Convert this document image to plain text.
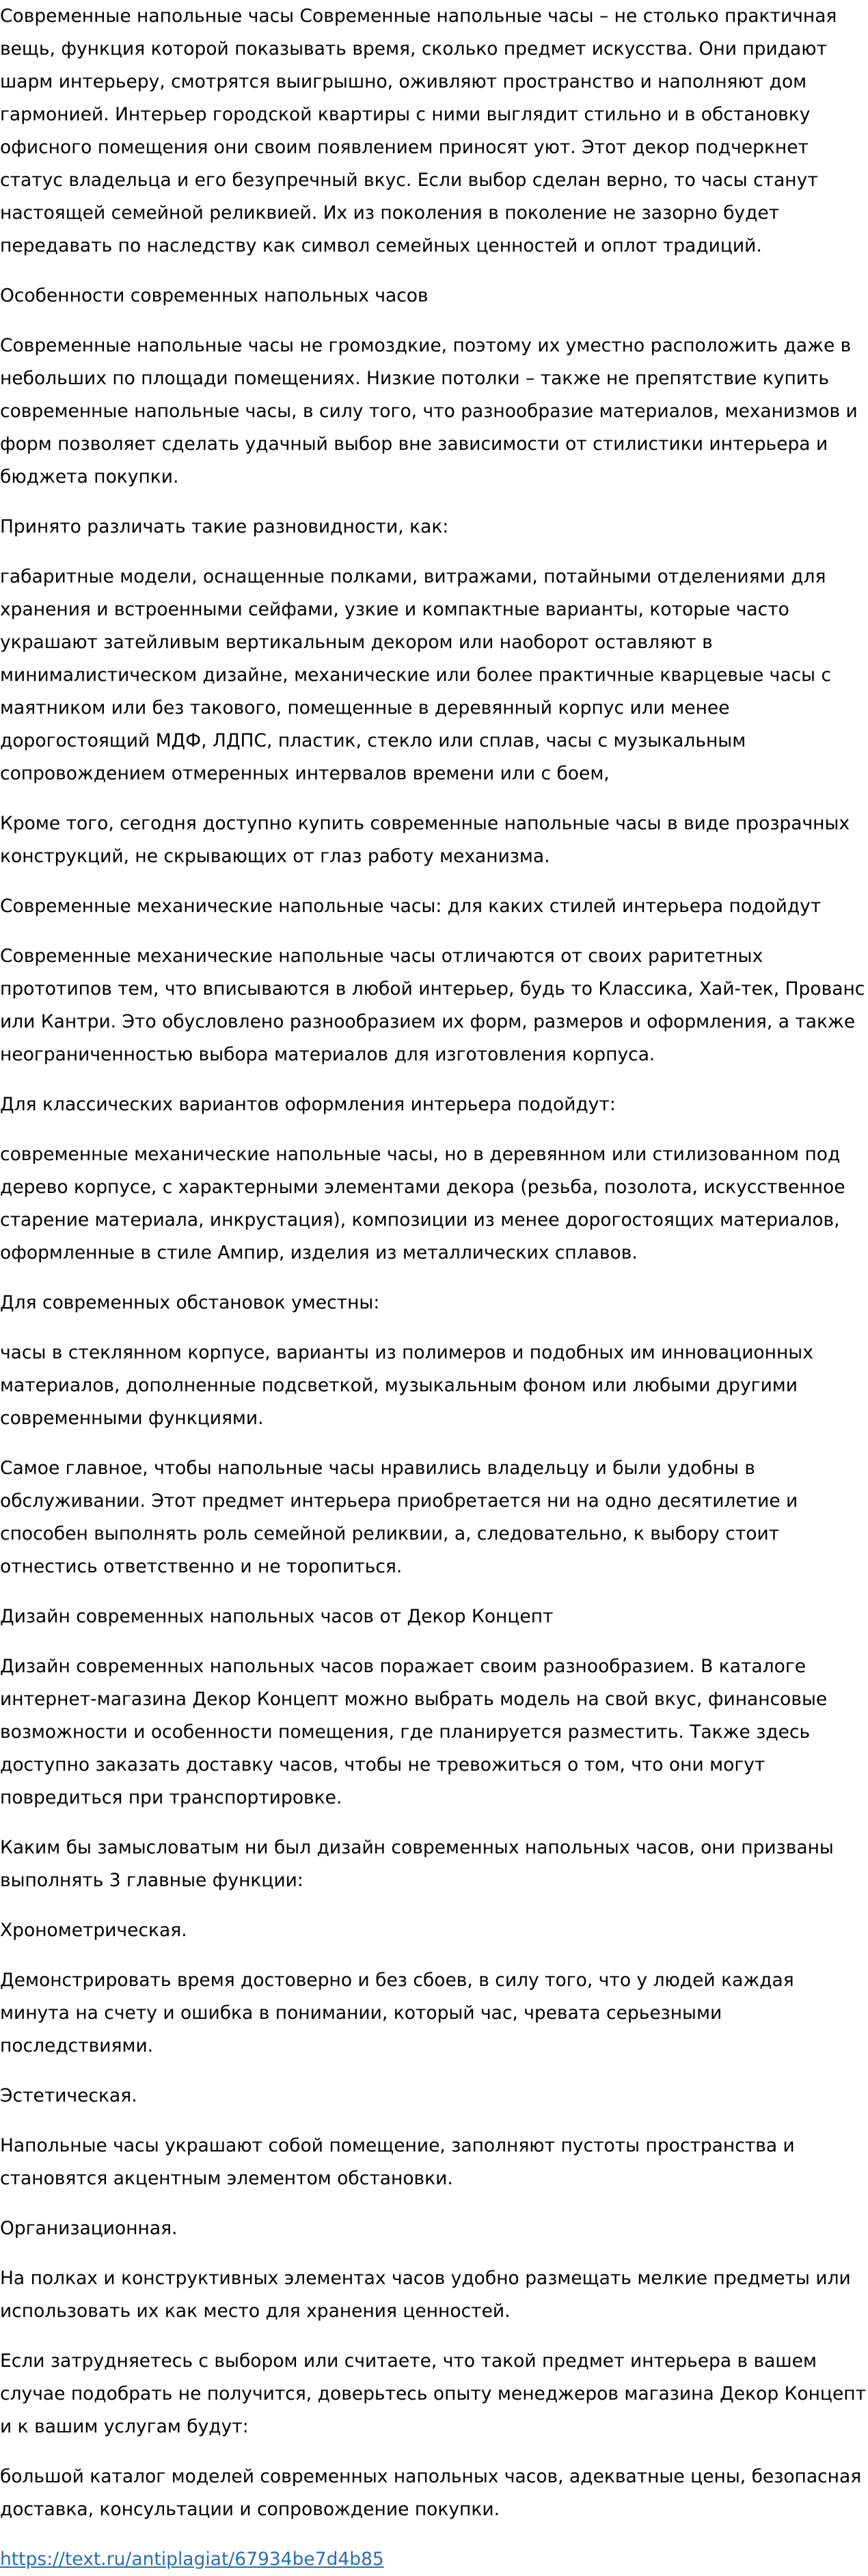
Современные напольные часы Современные напольные часы – не столько практичная вещь, функция которой показывать время, сколько предмет искусства. Они придают шарм интерьеру, смотрятся выигрышно, оживляют пространство и наполняют дом гармонией. Интерьер городской квартиры с ними выглядит стильно и в обстановку офисного помещения они своим появлением приносят уют. Этот декор подчеркнет статус владельца и его безупречный вкус. Если выбор сделан верно, то часы станут настоящей семейной реликвией. Их из поколения в поколение не зазорно будет передавать по наследству как символ семейных ценностей и оплот традиций.

Особенности современных напольных часов

Современные напольные часы не громоздкие, поэтому их уместно расположить даже в небольших по площади помещениях. Низкие потолки – также не препятствие купить современные напольные часы, в силу того, что разнообразие материалов, механизмов и форм позволяет сделать удачный выбор вне зависимости от стилистики интерьера и бюджета покупки.

Принято различать такие разновидности, как:

габаритные модели, оснащенные полками, витражами, потайными отделениями для хранения и встроенными сейфами, узкие и компактные варианты, которые часто украшают затейливым вертикальным декором или наоборот оставляют в минималистическом дизайне, механические или более практичные кварцевые часы с маятником или без такового, помещенные в деревянный корпус или менее дорогостоящий МДФ, ЛДПС, пластик, стекло или сплав, часы с музыкальным сопровождением отмеренных интервалов времени или с боем,

Кроме того, сегодня доступно купить современные напольные часы в виде прозрачных конструкций, не скрывающих от глаз работу механизма.

Современные механические напольные часы: для каких стилей интерьера подойдут

Современные механические напольные часы отличаются от своих раритетных прототипов тем, что вписываются в любой интерьер, будь то Классика, Хай-тек, Прованс или Кантри. Это обусловлено разнообразием их форм, размеров и оформления, а также неограниченностью выбора материалов для изготовления корпуса.

Для классических вариантов оформления интерьера подойдут:

современные механические напольные часы, но в деревянном или стилизованном под дерево корпусе, с характерными элементами декора (резьба, позолота, искусственное старение материала, инкрустация), композиции из менее дорогостоящих материалов, оформленные в стиле Ампир, изделия из металлических сплавов.

Для современных обстановок уместны:

часы в стеклянном корпусе, варианты из полимеров и подобных им инновационных материалов, дополненные подсветкой, музыкальным фоном или любыми другими современными функциями.

Самое главное, чтобы напольные часы нравились владельцу и были удобны в обслуживании. Этот предмет интерьера приобретается ни на одно десятилетие и способен выполнять роль семейной реликвии, а, следовательно, к выбору стоит отнестись ответственно и не торопиться.

Дизайн современных напольных часов от Декор Концепт

Дизайн современных напольных часов поражает своим разнообразием. В каталоге интернет-магазина Декор Концепт можно выбрать модель на свой вкус, финансовые возможности и особенности помещения, где планируется разместить. Также здесь доступно заказать доставку часов, чтобы не тревожиться о том, что они могут повредиться при транспортировке.

Каким бы замысловатым ни был дизайн современных напольных часов, они призваны выполнять 3 главные функции:

Хронометрическая.

Демонстрировать время достоверно и без сбоев, в силу того, что у людей каждая минута на счету и ошибка в понимании, который час, чревата серьезными последствиями.

Эстетическая.

Напольные часы украшают собой помещение, заполняют пустоты пространства и становятся акцентным элементом обстановки.

Организационная.

На полках и конструктивных элементах часов удобно размещать мелкие предметы или использовать их как место для хранения ценностей.

Если затрудняетесь с выбором или считаете, что такой предмет интерьера в вашем случае подобрать не получится, доверьтесь опыту менеджеров магазина Декор Концепт и к вашим услугам будут:

большой каталог моделей современных напольных часов, адекватные цены, безопасная доставка, консультации и сопровождение покупки.

https://text.ru/antiplagiat/67934be7d4b85
